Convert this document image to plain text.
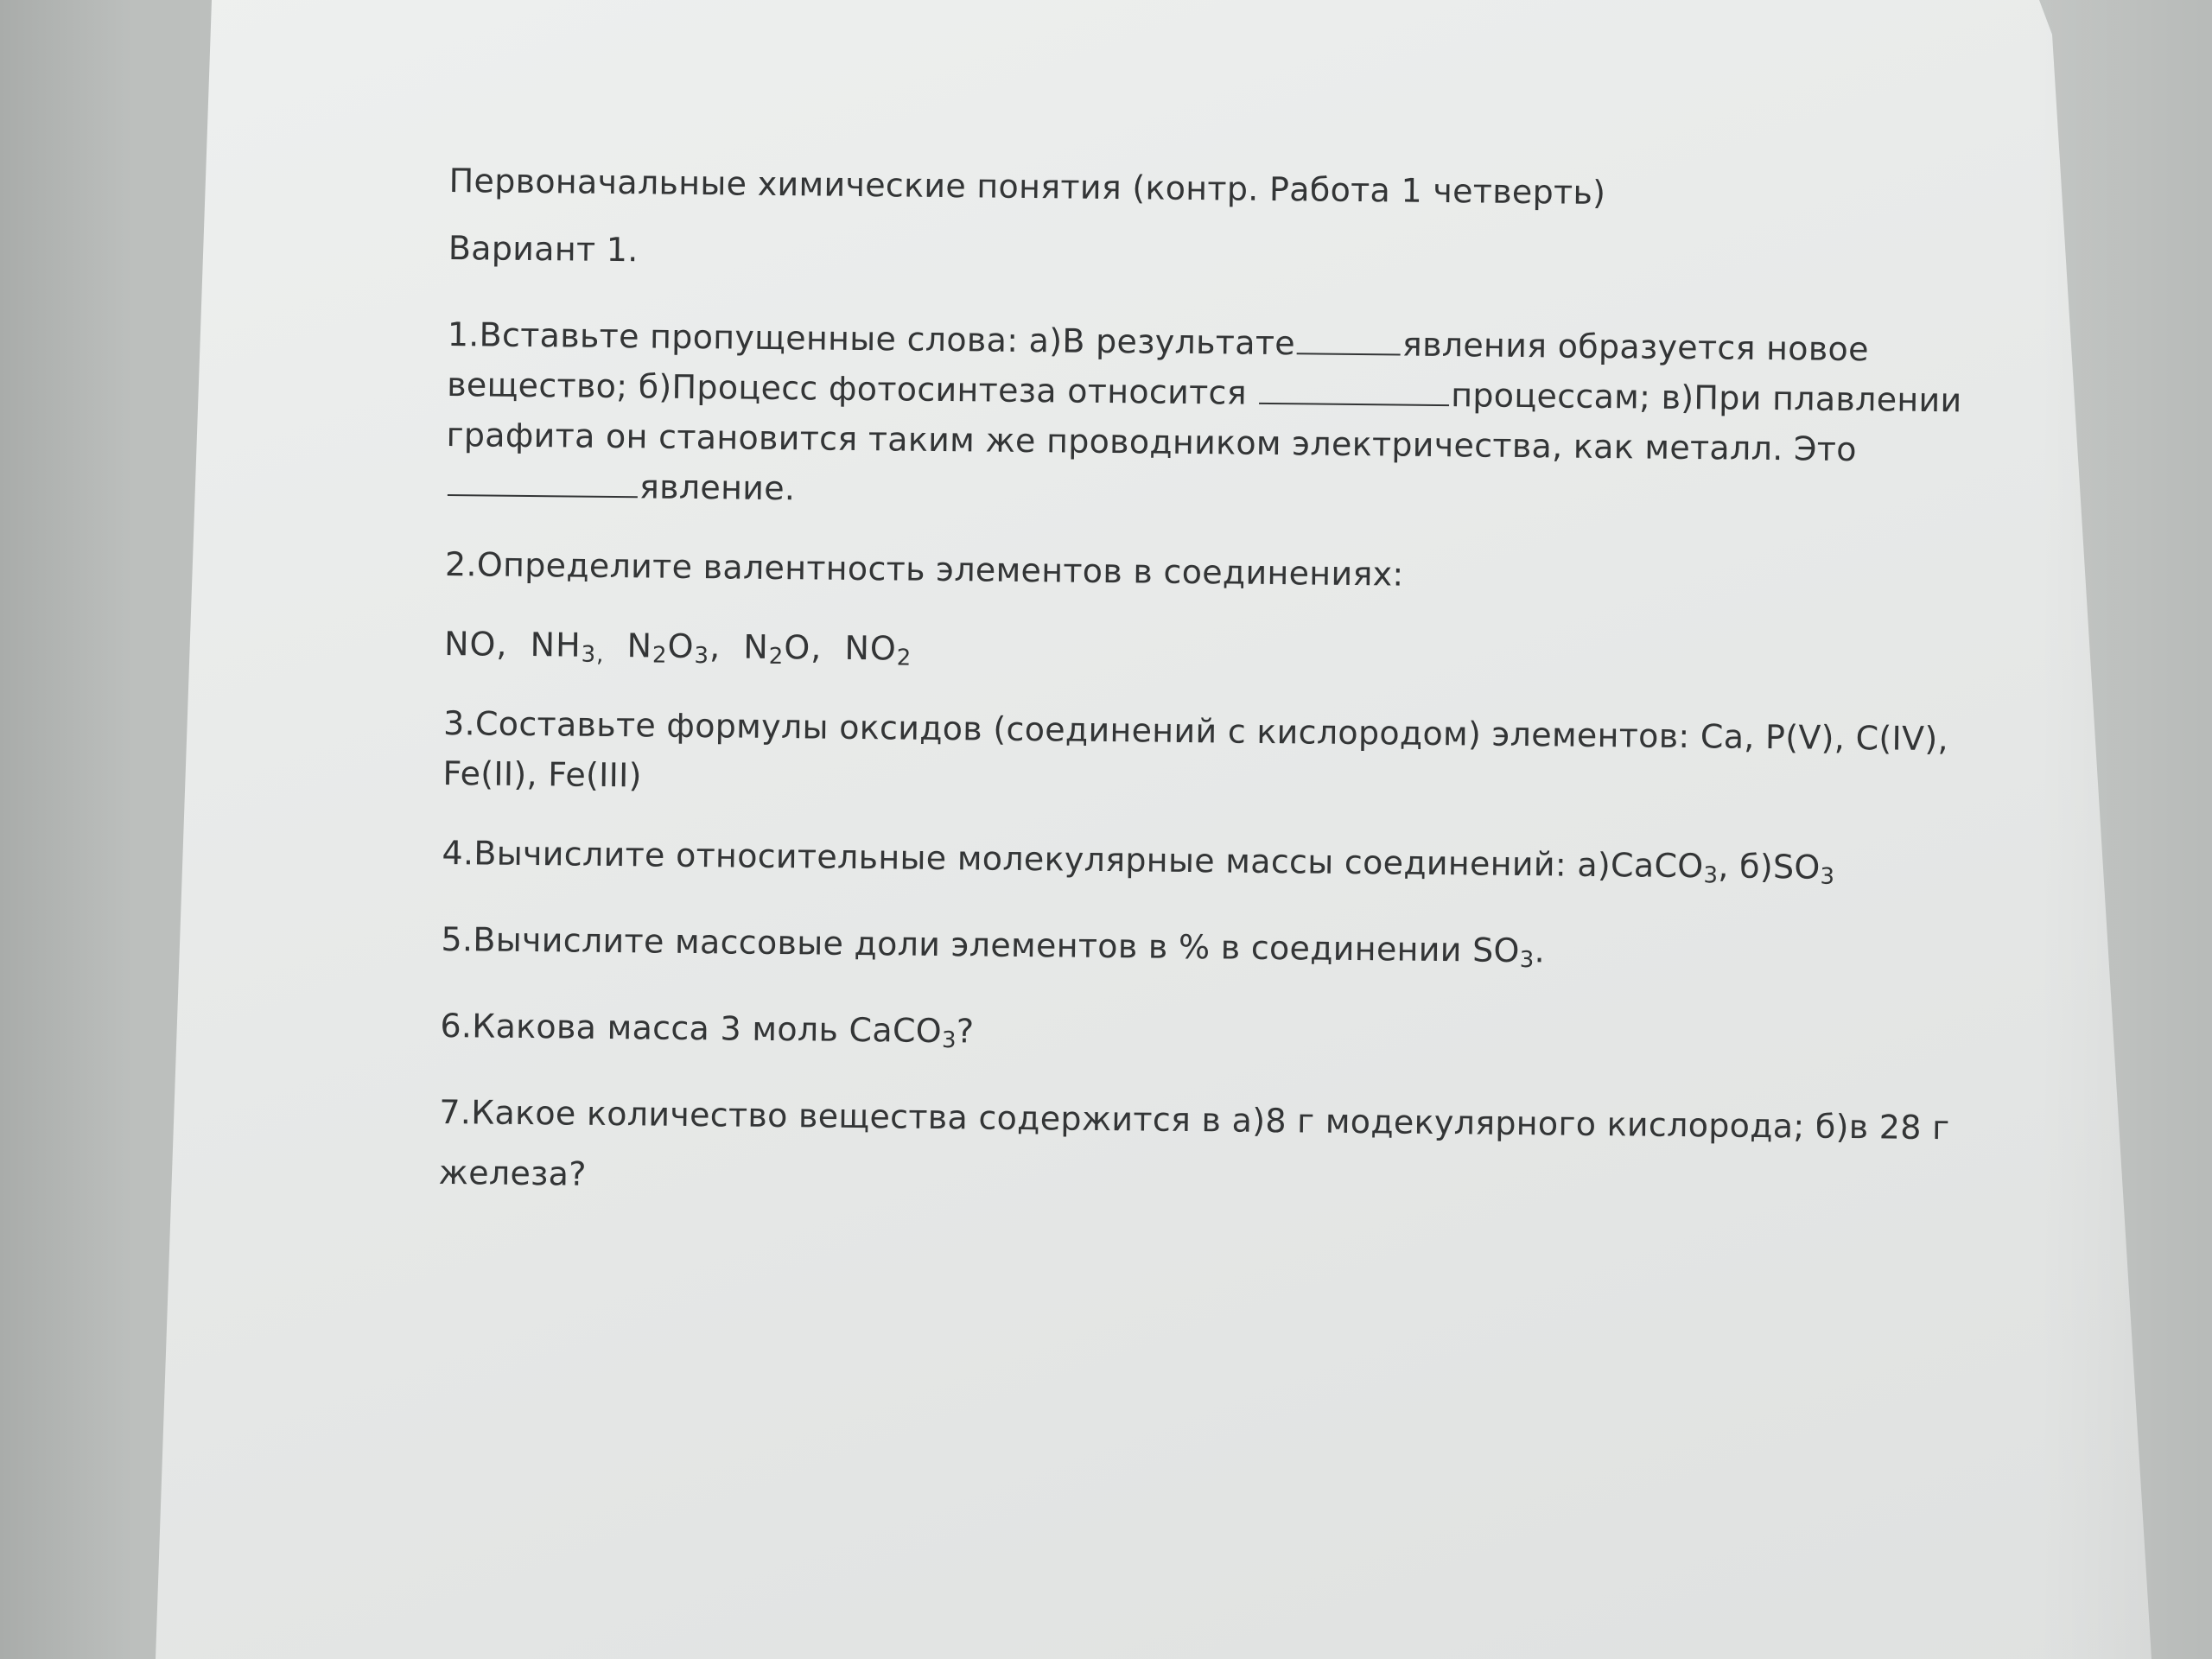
Первоначальные химические понятия (контр. Работа 1 четверть)
Вариант 1.
1.Вставьте пропущенные слова: а)В результате	явления образуется новое
вещество; б)Процесс фотосинтеза относится	процессам; в)При плавлении
графита он становится таким же проводником электричества, как металл. Это
явление.
2.Определите валентность элементов в соединениях:
NO, $NH_{3,}$ $N_2O_3$, $N_2O$, $NO_2$
3.Составьте формулы оксидов (соединений с кислородом) элементов: Ca, P(V), C(IV),
Fe(II), Fe(III)
4.Вычислите относительные молекулярные массы соединений: а)CaCO$_3$, $б)SO_3$
5.Вычислите массовые доли элементов в % в соединении $SO_3$.
6.Какова масса 3 моль CaCO$_3$?
7.Какое количество вещества содержится в а)8 г модекулярного кислорода; б)в 28 г
железа?
